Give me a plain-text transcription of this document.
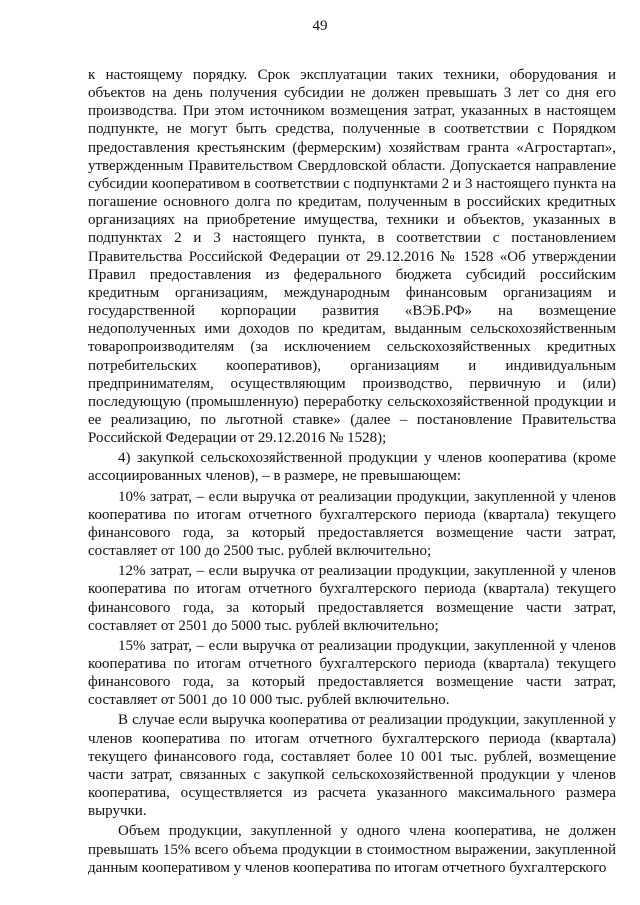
49

к настоящему порядку. Срок эксплуатации таких техники, оборудования и объектов на день получения субсидии не должен превышать 3 лет со дня его производства. При этом источником возмещения затрат, указанных в настоящем подпункте, не могут быть средства, полученные в соответствии с Порядком предоставления крестьянским (фермерским) хозяйствам гранта «Агростартап», утвержденным Правительством Свердловской области. Допускается направление субсидии кооперативом в соответствии с подпунктами 2 и 3 настоящего пункта на погашение основного долга по кредитам, полученным в российских кредитных организациях на приобретение имущества, техники и объектов, указанных в подпунктах 2 и 3 настоящего пункта, в соответствии с постановлением Правительства Российской Федерации от 29.12.2016 № 1528 «Об утверждении Правил предоставления из федерального бюджета субсидий российским кредитным организациям, международным финансовым организациям и государственной корпорации развития «ВЭБ.РФ» на возмещение недополученных ими доходов по кредитам, выданным сельскохозяйственным товаропроизводителям (за исключением сельскохозяйственных кредитных потребительских кооперативов), организациям и индивидуальным предпринимателям, осуществляющим производство, первичную и (или) последующую (промышленную) переработку сельскохозяйственной продукции и ее реализацию, по льготной ставке» (далее – постановление Правительства Российской Федерации от 29.12.2016 № 1528);

4) закупкой сельскохозяйственной продукции у членов кооператива (кроме ассоциированных членов), – в размере, не превышающем:

10% затрат, – если выручка от реализации продукции, закупленной у членов кооператива по итогам отчетного бухгалтерского периода (квартала) текущего финансового года, за который предоставляется возмещение части затрат, составляет от 100 до 2500 тыс. рублей включительно;

12% затрат, – если выручка от реализации продукции, закупленной у членов кооператива по итогам отчетного бухгалтерского периода (квартала) текущего финансового года, за который предоставляется возмещение части затрат, составляет от 2501 до 5000 тыс. рублей включительно;

15% затрат, – если выручка от реализации продукции, закупленной у членов кооператива по итогам отчетного бухгалтерского периода (квартала) текущего финансового года, за который предоставляется возмещение части затрат, составляет от 5001 до 10 000 тыс. рублей включительно.

В случае если выручка кооператива от реализации продукции, закупленной у членов кооператива по итогам отчетного бухгалтерского периода (квартала) текущего финансового года, составляет более 10 001 тыс. рублей, возмещение части затрат, связанных с закупкой сельскохозяйственной продукции у членов кооператива, осуществляется из расчета указанного максимального размера выручки.

Объем продукции, закупленной у одного члена кооператива, не должен превышать 15% всего объема продукции в стоимостном выражении, закупленной данным кооперативом у членов кооператива по итогам отчетного бухгалтерского
